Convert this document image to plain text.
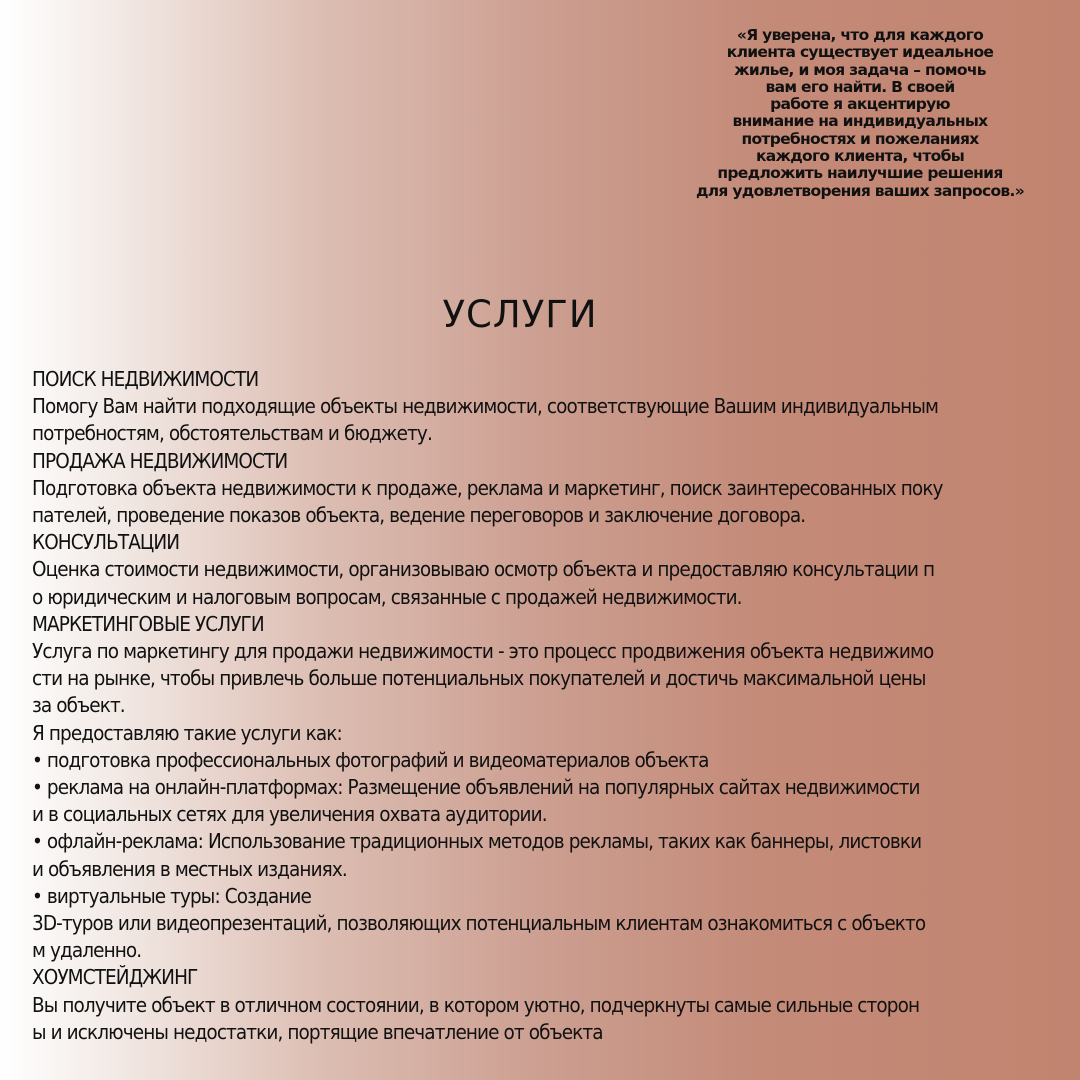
«Я уверена, что для каждого
клиента существует идеальное
жилье, и моя задача – помочь
вам его найти. В своей
работе я акцентирую
внимание на индивидуальных
потребностях и пожеланиях
каждого клиента, чтобы
предложить наилучшие решения
для удовлетворения ваших запросов.»
УСЛУГИ
ПОИСК НЕДВИЖИМОСТИ
Помогу Вам найти подходящие объекты недвижимости, соответствующие Вашим индивидуальным
потребностям, обстоятельствам и бюджету.
ПРОДАЖА НЕДВИЖИМОСТИ
Подготовка объекта недвижимости к продаже, реклама и маркетинг, поиск заинтересованных поку
пателей, проведение показов объекта, ведение переговоров и заключение договора.
КОНСУЛЬТАЦИИ
Оценка стоимости недвижимости, организовываю осмотр объекта и предоставляю консультации п
о юридическим и налоговым вопросам, связанные с продажей недвижимости.
МАРКЕТИНГОВЫЕ УСЛУГИ
Услуга по маркетингу для продажи недвижимости - это процесс продвижения объекта недвижимо
сти на рынке, чтобы привлечь больше потенциальных покупателей и достичь максимальной цены
за объект.
Я предоставляю такие услуги как:
• подготовка профессиональных фотографий и видеоматериалов объекта
• реклама на онлайн-платформах: Размещение объявлений на популярных сайтах недвижимости
и в социальных сетях для увеличения охвата аудитории.
• офлайн-реклама: Использование традиционных методов рекламы, таких как баннеры, листовки
и объявления в местных изданиях.
• виртуальные туры: Создание
3D-туров или видеопрезентаций, позволяющих потенциальным клиентам ознакомиться с объекто
м удаленно.
ХОУМСТЕЙДЖИНГ
Вы получите объект в отличном состоянии, в котором уютно, подчеркнуты самые сильные сторон
ы и исключены недостатки, портящие впечатление от объекта
